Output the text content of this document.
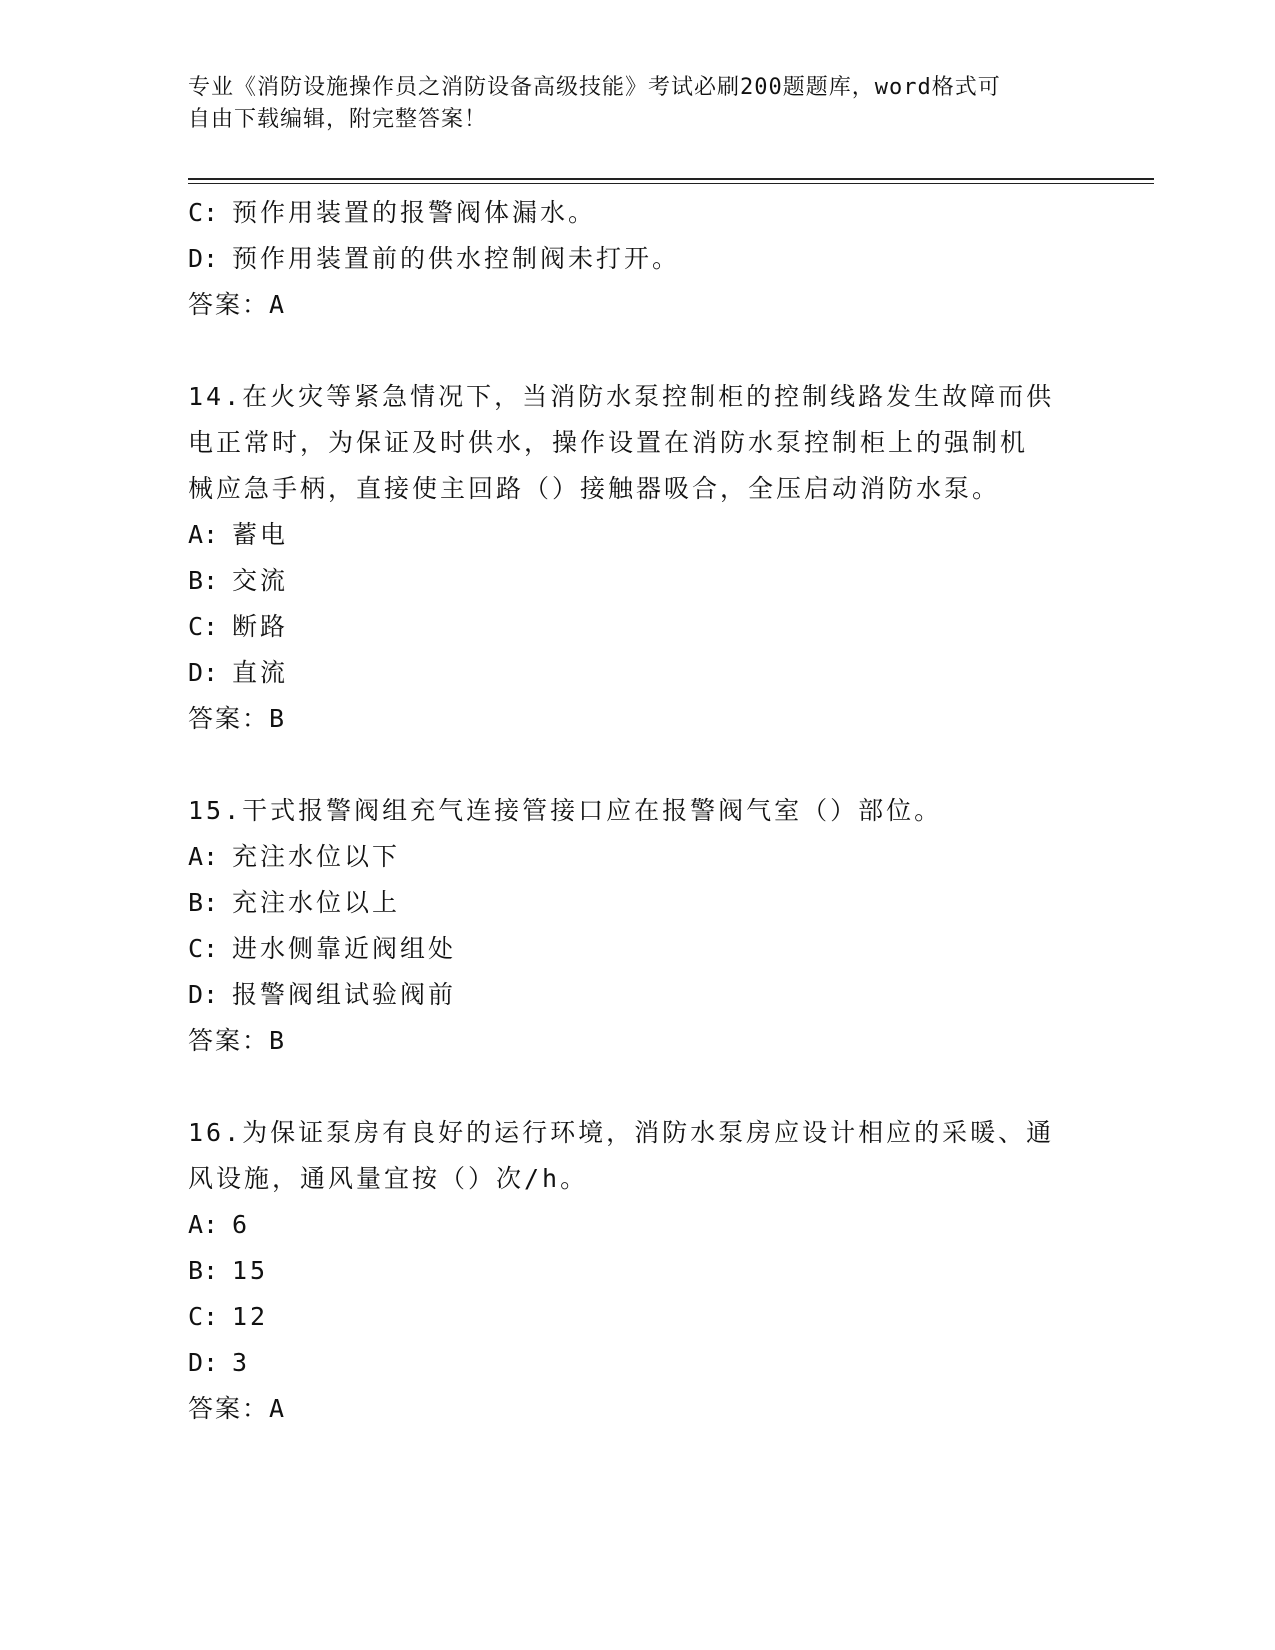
专业《消防设施操作员之消防设备高级技能》考试必刷200题题库，word格式可
自由下载编辑，附完整答案！
C: 预作用装置的报警阀体漏水。
D: 预作用装置前的供水控制阀未打开。
答案：A
14.在火灾等紧急情况下，当消防水泵控制柜的控制线路发生故障而供
电正常时，为保证及时供水，操作设置在消防水泵控制柜上的强制机
械应急手柄，直接使主回路（）接触器吸合，全压启动消防水泵。
A: 蓄电
B: 交流
C: 断路
D: 直流
答案：B
15.干式报警阀组充气连接管接口应在报警阀气室（）部位。
A: 充注水位以下
B: 充注水位以上
C: 进水侧靠近阀组处
D: 报警阀组试验阀前
答案：B
16.为保证泵房有良好的运行环境，消防水泵房应设计相应的采暖、通
风设施，通风量宜按（）次/h。
A: 6
B: 15
C: 12
D: 3
答案：A
